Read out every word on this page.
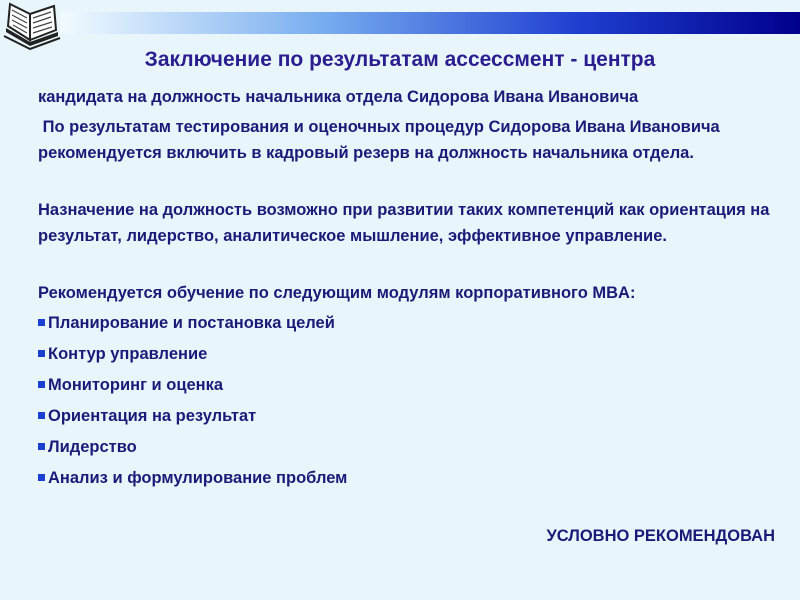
Заключение по результатам ассессмент - центра
кандидата на должность начальника отдела Сидорова Ивана Ивановича
По результатам тестирования и оценочных процедур Сидорова Ивана Ивановича рекомендуется включить в кадровый резерв на должность начальника отдела.
Назначение на должность возможно при развитии таких компетенций как ориентация на результат, лидерство, аналитическое мышление, эффективное управление.
Рекомендуется обучение по следующим модулям корпоративного MBA:
Планирование и постановка целей
Контур управление
Мониторинг и оценка
Ориентация на результат
Лидерство
Анализ и формулирование проблем
УСЛОВНО РЕКОМЕНДОВАН
